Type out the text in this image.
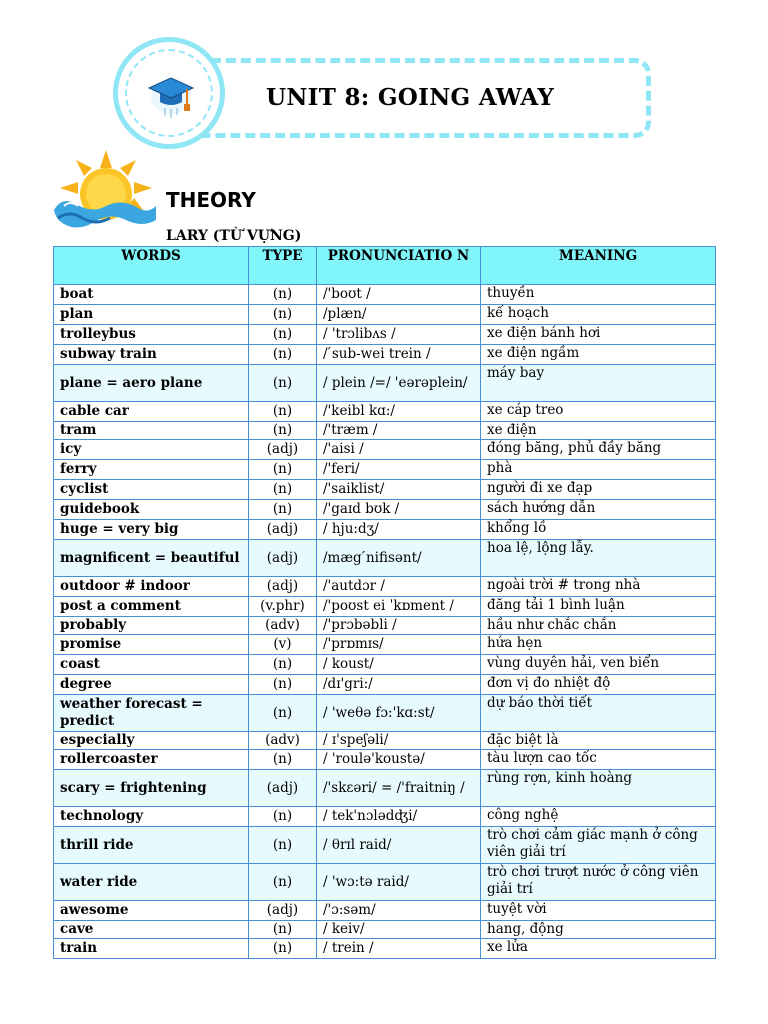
UNIT 8: GOING AWAY
THEORY
LARY (TỪ VỰNG)
WORDS	TYPE	PRONUNCIATIO N	MEANING
boat	(n)	/'boʊt /	thuyền
plan	(n)	/plæn/	kế hoạch
trolleybus	(n)	/ 'trɔlibʌs /	xe điện bánh hơi
subway train	(n)	/ ́sub-wei trein /	xe điện ngầm
plane = aero plane	(n)	/ plein /=/ 'eərəplein/	máy bay
cable car	(n)	/'keibl kɑ:/	xe cáp treo
tram	(n)	/'træm /	xe điện
icy	(adj)	/'aisi /	đóng băng, phủ đầy băng
ferry	(n)	/'feri/	phà
cyclist	(n)	/'saiklist/	người đi xe đạp
guidebook	(n)	/'gaɪd bʊk /	sách hướng dẫn
huge = very big	(adj)	/ hju:dʒ/	khổng lồ
magnificent = beautiful	(adj)	/mæg ́nifisənt/	hoa lệ, lộng lẫy.
outdoor # indoor	(adj)	/'autdɔr /	ngoài trời # trong nhà
post a comment	(v.phr)	/'poʊst ei ˈkɒment /	đăng tải 1 bình luận
probably	(adv)	/'prɔbəbli /	hầu như chắc chắn
promise	(v)	/'prɒmɪs/	hứa hẹn
coast	(n)	/ koust/	vùng duyên hải, ven biển
degree	(n)	/dɪ'gri:/	đơn vị đo nhiệt độ
weather forecast = predict	(n)	/ 'weθə fɔ:'kɑ:st/	dự báo thời tiết
especially	(adv)	/ ɪ'speʃəli/	đặc biệt là
rollercoaster	(n)	/ 'roulə'koustə/	tàu lượn cao tốc
scary = frightening	(adj)	/'skɛəri/ = /'fraitniŋ /	rùng rợn, kinh hoàng
technology	(n)	/ tek'nɔlədʤi/	công nghệ
thrill ride	(n)	/ θrɪl raid/	trò chơi cảm giác mạnh ở công viên giải trí
water ride	(n)	/ 'wɔ:tə raid/	trò chơi trượt nước ở công viên giải trí
awesome	(adj)	/'ɔ:səm/	tuyệt vời
cave	(n)	/ keiv/	hang, động
train	(n)	/ trein /	xe lửa
